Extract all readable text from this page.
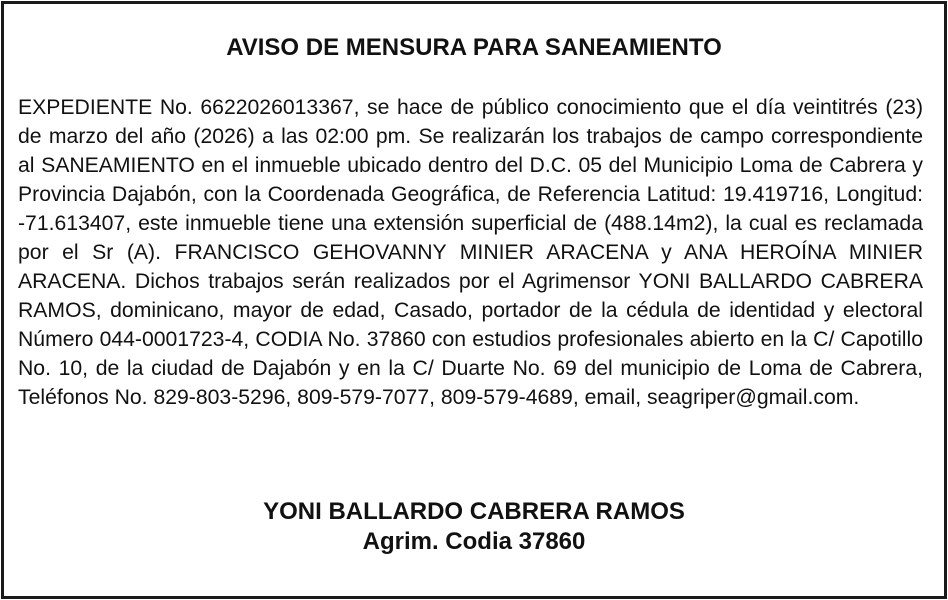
AVISO DE MENSURA PARA SANEAMIENTO

EXPEDIENTE No. 6622026013367, se hace de público conocimiento que el día veintitrés (23) de marzo del año (2026) a las 02:00 pm. Se realizarán los trabajos de campo correspondiente al SANEAMIENTO en el inmueble ubicado dentro del D.C. 05 del Municipio Loma de Cabrera y Provincia Dajabón, con la Coordenada Geográfica, de Referencia Latitud: 19.419716, Longitud: -71.613407, este inmueble tiene una extensión superficial de (488.14m2), la cual es reclamada por el Sr (A). FRANCISCO GEHOVANNY MINIER ARACENA y ANA HEROÍNA MINIER ARACENA. Dichos trabajos serán realizados por el Agrimensor YONI BALLARDO CABRERA RAMOS, dominicano, mayor de edad, Casado, portador de la cédula de identidad y electoral Número 044-0001723-4, CODIA No. 37860 con estudios profesionales abierto en la C/ Capotillo No. 10, de la ciudad de Dajabón y en la C/ Duarte No. 69 del municipio de Loma de Cabrera, Teléfonos No. 829-803-5296, 809-579-7077, 809-579-4689, email, seagriper@gmail.com.

YONI BALLARDO CABRERA RAMOS
Agrim. Codia 37860
